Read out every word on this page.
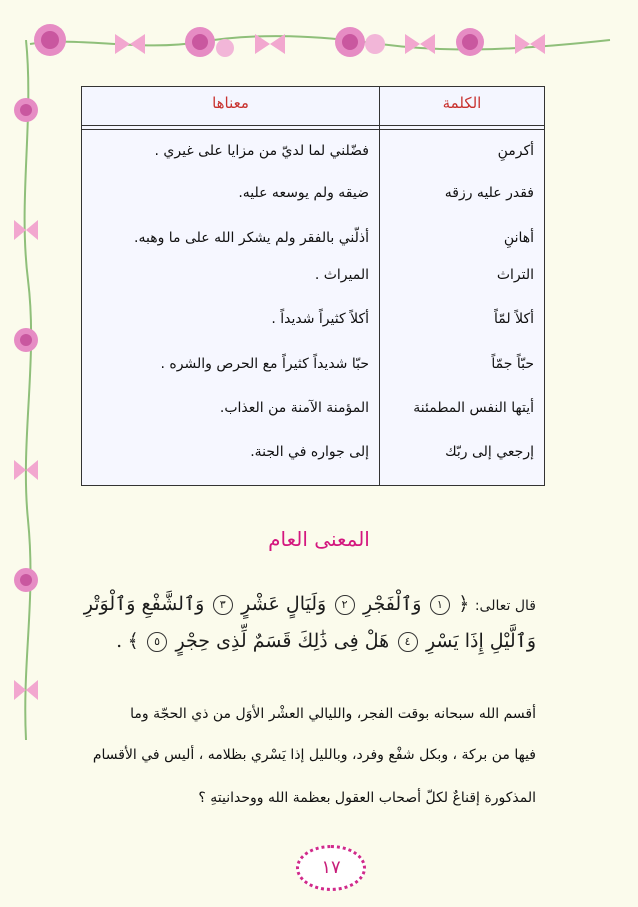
الكلمة
معناها
أكرمنِ
فضّلني لما لديّ من مزايا على غيري .
فقدر عليه رزقه
ضيقه ولم يوسعه عليه.
أهاننِ
أذلّني بالفقر ولم يشكر الله على ما وهبه.
التراث
الميراث .
أكلاً لمّاً
أكلاً كثيراً شديداً .
حبّاً جمّاً
حبّا شديداً كثيراً مع الحرص والشره .
أيتها النفس المطمئنة
المؤمنة الآمنة من العذاب.
إرجعي إلى ربّك
إلى جواره في الجنة.
المعنى العام
قال تعالى: ﴿ ١ وَٱلْفَجْرِ ٢ وَلَيَالٍ عَشْرٍ ٣ وَٱلشَّفْعِ وَٱلْوَتْرِ
وَٱلَّيْلِ إِذَا يَسْرِ ٤ هَلْ فِى ذَٰلِكَ قَسَمٌ لِّذِى حِجْرٍ ٥ ﴾ .
أقسم الله سبحانه بوقت الفجر، والليالي العشْر الأوَل من ذي الحجّة وما
فيها من بركة ، وبكل شفْع وفرد، وبالليل إذا يَسْري بظلامه ، أليس في الأقسام
المذكورة إقناعٌ لكلّ أصحاب العقول بعظمة الله ووحدانيتهِ ؟
١٧
